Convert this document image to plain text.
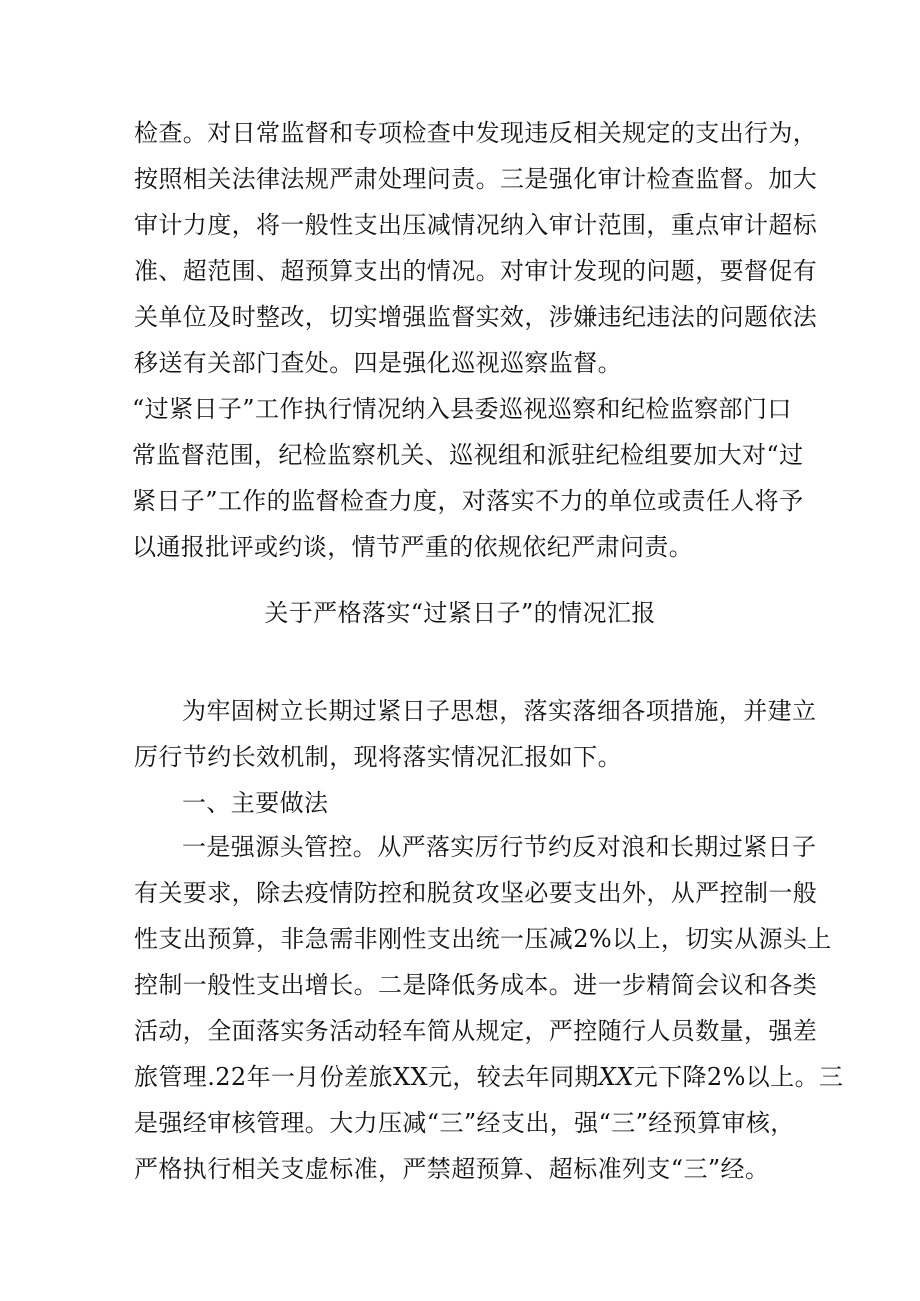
检查。对日常监督和专项检查中发现违反相关规定的支出行为，
按照相关法律法规严肃处理问责。三是强化审计检查监督。加大
审计力度，将一般性支出压减情况纳入审计范围，重点审计超标
准、超范围、超预算支出的情况。对审计发现的问题，要督促有
关单位及时整改，切实增强监督实效，涉嫌违纪违法的问题依法
移送有关部门查处。四是强化巡视巡察监督。
“过紧日子”工作执行情况纳入县委巡视巡察和纪检监察部门口
常监督范围，纪检监察机关、巡视组和派驻纪检组要加大对“过
紧日子”工作的监督检查力度，对落实不力的单位或责任人将予
以通报批评或约谈，情节严重的依规依纪严肃问责。
关于严格落实“过紧日子”的情况汇报
为牢固树立长期过紧日子思想，落实落细各项措施，并建立
厉行节约长效机制，现将落实情况汇报如下。
一、主要做法
一是强源头管控。从严落实厉行节约反对浪和长期过紧日子
有关要求，除去疫情防控和脱贫攻坚必要支出外，从严控制一般
性支出预算，非急需非刚性支出统一压减2%以上，切实从源头上
控制一般性支出增长。二是降低务成本。进一步精简会议和各类
活动，全面落实务活动轻车简从规定，严控随行人员数量，强差
旅管理.22年一月份差旅XX元，较去年同期XX元下降2%以上。三
是强经审核管理。大力压减“三”经支出，强“三”经预算审核，
严格执行相关支虚标准，严禁超预算、超标准列支“三”经。
